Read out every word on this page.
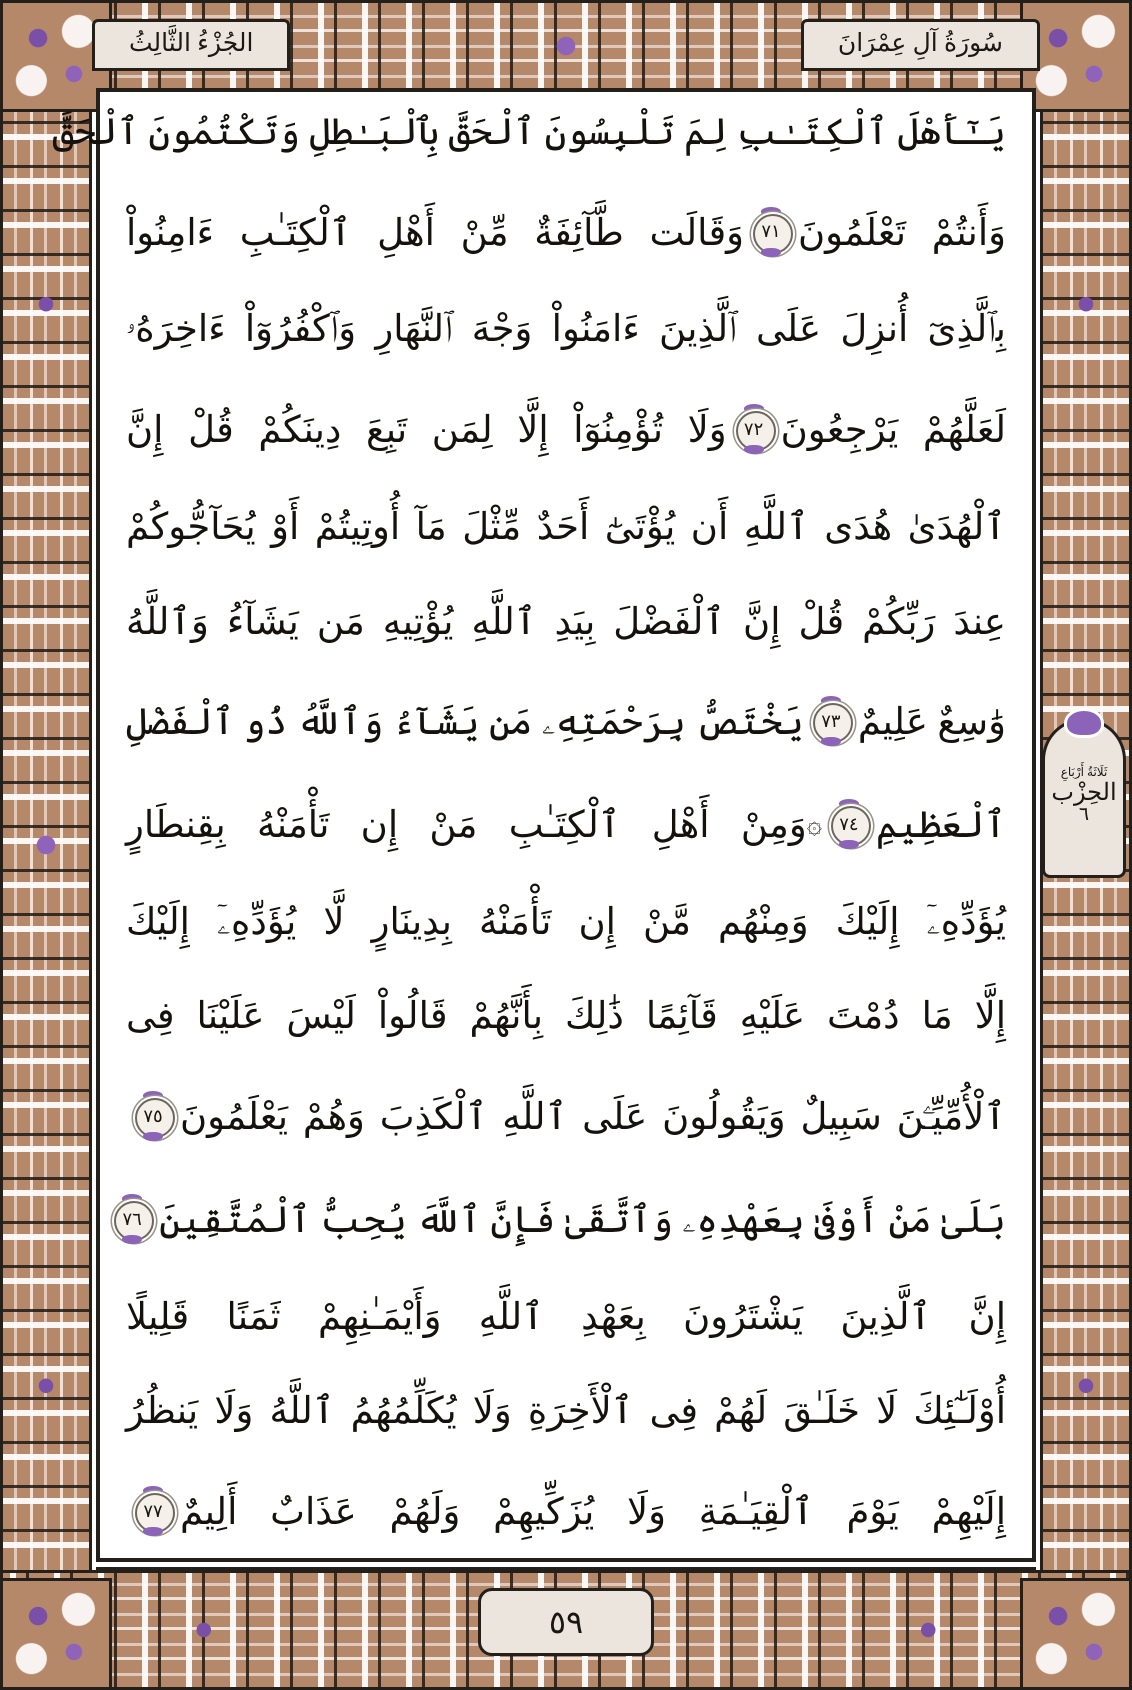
سُورَةُ آلِ عِمْرَانَ
الجُزْءُ الثَّالِثُ
يَـٰٓأَهْلَ ٱلْكِتَـٰبِ لِمَ تَلْبِسُونَ ٱلْحَقَّ بِٱلْبَـٰطِلِ وَتَكْتُمُونَ ٱلْحَقَّ
وَأَنتُمْ تَعْلَمُونَ
٧١
وَقَالَت طَّآئِفَةٌ مِّنْ أَهْلِ ٱلْكِتَـٰبِ ءَامِنُواْ
بِٱلَّذِىٓ أُنزِلَ عَلَى ٱلَّذِينَ ءَامَنُواْ وَجْهَ ٱلنَّهَارِ وَٱكْفُرُوٓاْ ءَاخِرَهُۥ
لَعَلَّهُمْ يَرْجِعُونَ
٧٢
وَلَا تُؤْمِنُوٓاْ إِلَّا لِمَن تَبِعَ دِينَكُمْ قُلْ إِنَّ
ٱلْهُدَىٰ هُدَى ٱللَّهِ أَن يُؤْتَىٰٓ أَحَدٌ مِّثْلَ مَآ أُوتِيتُمْ أَوْ يُحَآجُّوكُمْ
عِندَ رَبِّكُمْ قُلْ إِنَّ ٱلْفَضْلَ بِيَدِ ٱللَّهِ يُؤْتِيهِ مَن يَشَآءُ وَٱللَّهُ
وَٰسِعٌ عَلِيمٌ
٧٣
يَخْتَصُّ بِرَحْمَتِهِۦ مَن يَشَآءُ وَٱللَّهُ ذُو ٱلْفَضْلِ
ٱلْعَظِيمِ
٧٤
۞وَمِنْ أَهْلِ ٱلْكِتَـٰبِ مَنْ إِن تَأْمَنْهُ بِقِنطَارٍ
يُؤَدِّهِۦٓ إِلَيْكَ وَمِنْهُم مَّنْ إِن تَأْمَنْهُ بِدِينَارٍ لَّا يُؤَدِّهِۦٓ إِلَيْكَ
إِلَّا مَا دُمْتَ عَلَيْهِ قَآئِمًا ذَٰلِكَ بِأَنَّهُمْ قَالُواْ لَيْسَ عَلَيْنَا فِى
ٱلْأُمِّيِّـۧنَ سَبِيلٌ وَيَقُولُونَ عَلَى ٱللَّهِ ٱلْكَذِبَ وَهُمْ يَعْلَمُونَ
٧٥
بَلَىٰ مَنْ أَوْفَىٰ بِعَهْدِهِۦ وَٱتَّقَىٰ فَإِنَّ ٱللَّهَ يُحِبُّ ٱلْمُتَّقِينَ
٧٦
إِنَّ ٱلَّذِينَ يَشْتَرُونَ بِعَهْدِ ٱللَّهِ وَأَيْمَـٰنِهِمْ ثَمَنًا قَلِيلًا
أُوْلَـٰٓئِكَ لَا خَلَـٰقَ لَهُمْ فِى ٱلْأَخِرَةِ وَلَا يُكَلِّمُهُمُ ٱللَّهُ وَلَا يَنظُرُ
إِلَيْهِمْ يَوْمَ ٱلْقِيَـٰمَةِ وَلَا يُزَكِّيهِمْ وَلَهُمْ عَذَابٌ أَلِيمٌ
٧٧
ثَلَاثَةُ أَرْبَاعِ
الحِزْب
٦
٥٩
